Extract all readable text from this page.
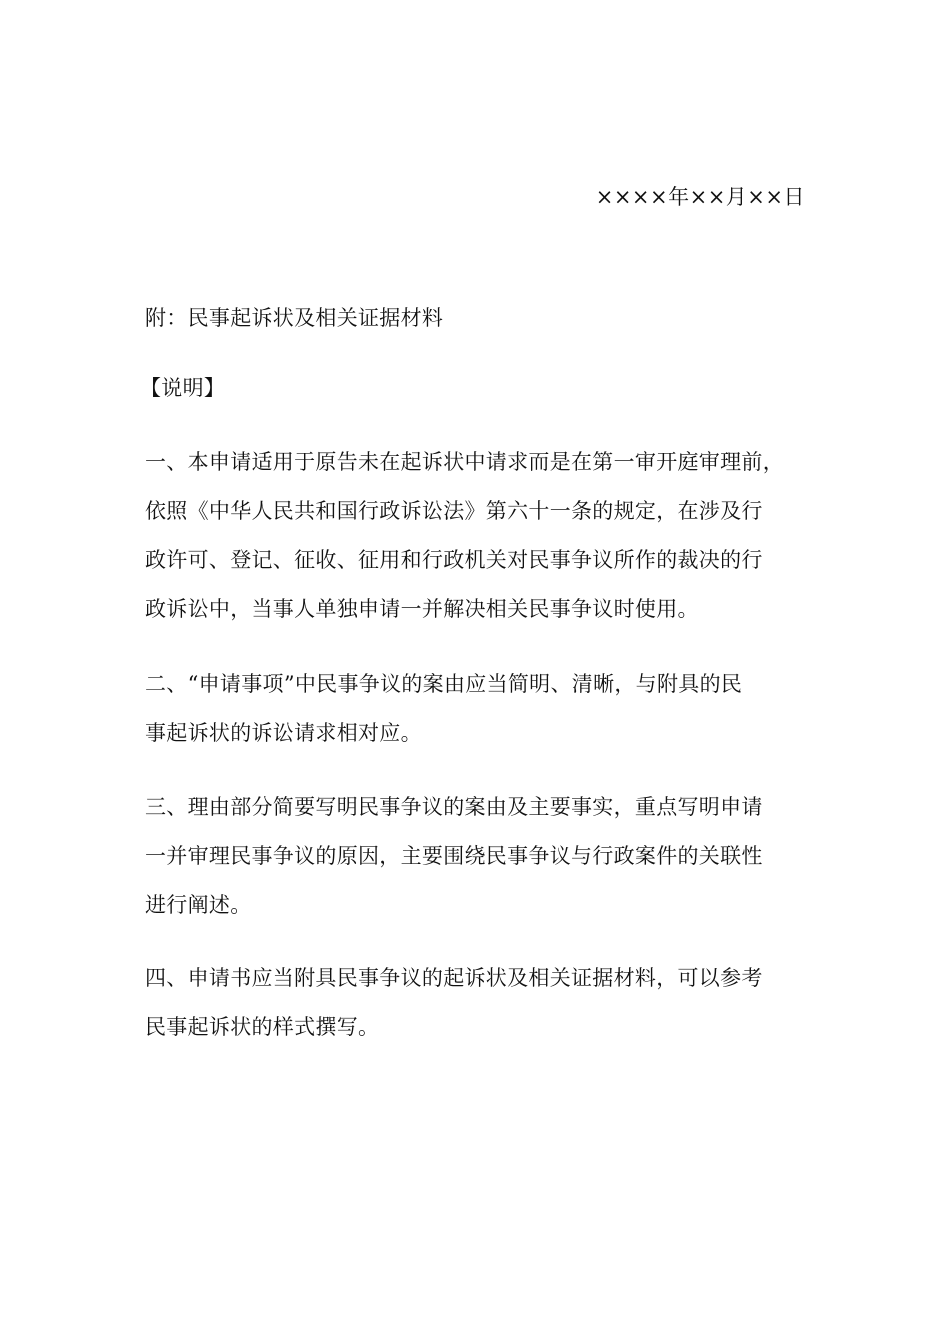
××××年××月××日
附：民事起诉状及相关证据材料
【说明】
一、本申请适用于原告未在起诉状中请求而是在第一审开庭审理前，
依照《中华人民共和国行政诉讼法》第六十一条的规定，在涉及行
政许可、登记、征收、征用和行政机关对民事争议所作的裁决的行
政诉讼中，当事人单独申请一并解决相关民事争议时使用。
二、“申请事项”中民事争议的案由应当简明、清晰，与附具的民
事起诉状的诉讼请求相对应。
三、理由部分简要写明民事争议的案由及主要事实，重点写明申请
一并审理民事争议的原因，主要围绕民事争议与行政案件的关联性
进行阐述。
四、申请书应当附具民事争议的起诉状及相关证据材料，可以参考
民事起诉状的样式撰写。
